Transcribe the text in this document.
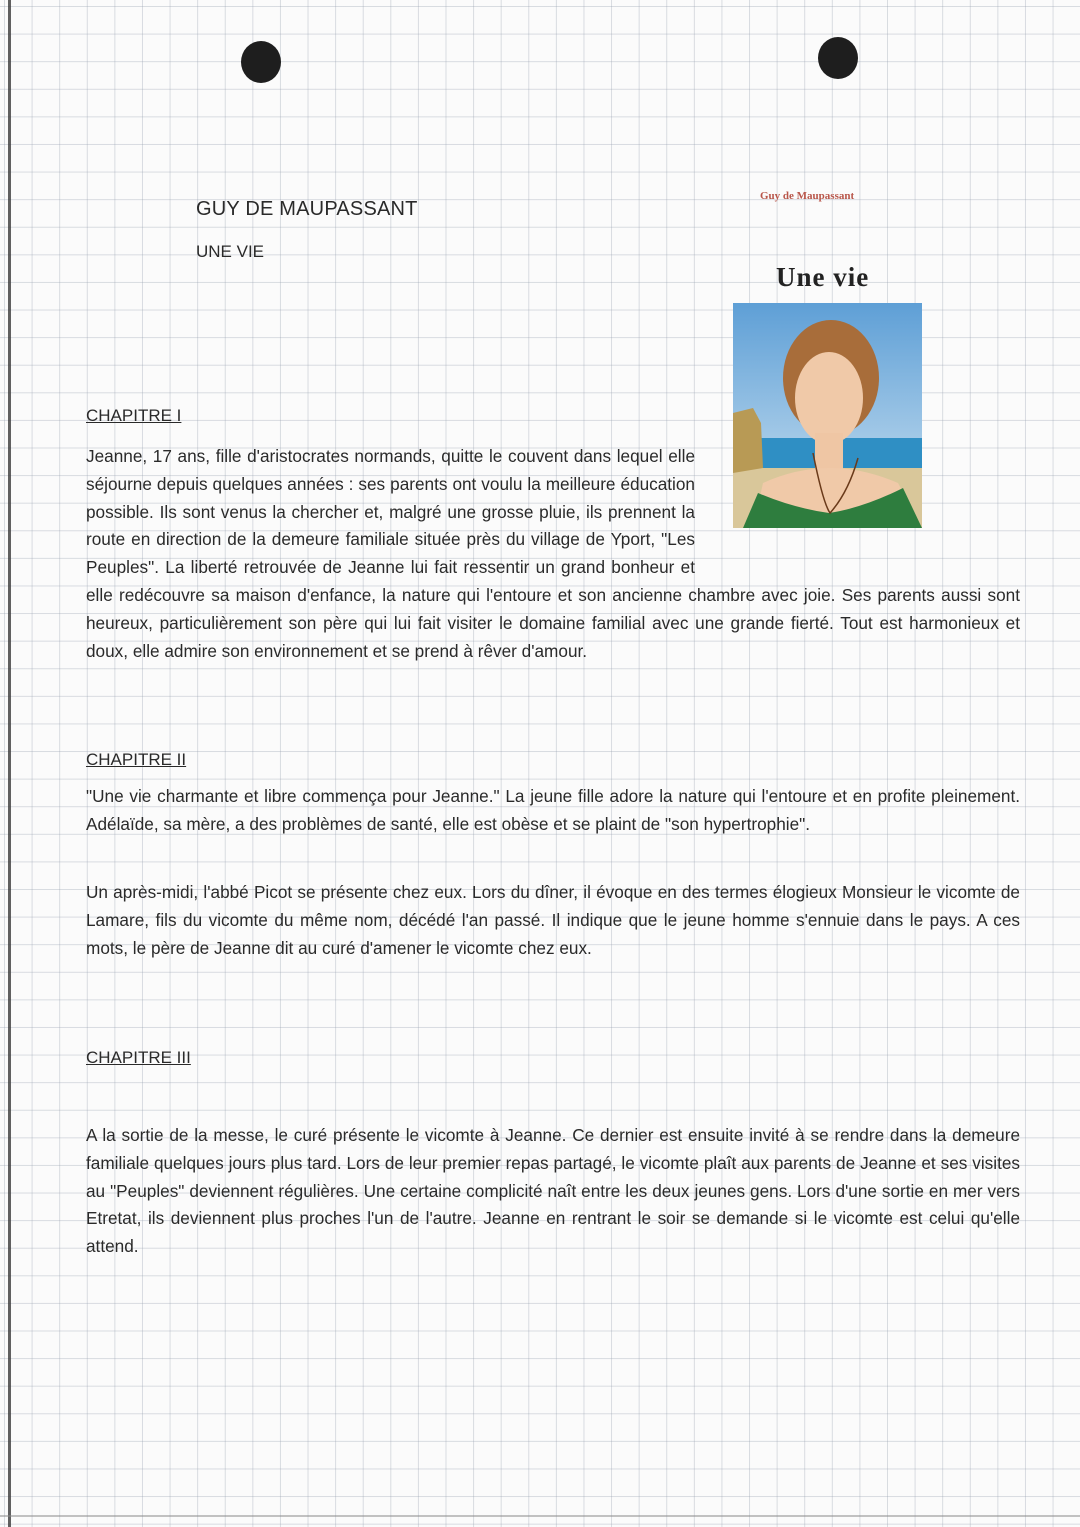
GUY DE MAUPASSANT
UNE VIE
Guy de Maupassant
Une vie
CHAPITRE I

Jeanne, 17 ans, fille d'aristocrates normands, quitte le couvent dans lequel elle séjourne depuis quelques années : ses parents ont voulu la meilleure éducation possible. Ils sont venus la chercher et, malgré une grosse pluie, ils prennent la route en direction de la demeure familiale située près du village de Yport, "Les Peuples". La liberté retrouvée de Jeanne lui fait ressentir un grand bonheur et elle redécouvre sa maison d'enfance, la nature qui l'entoure et son ancienne chambre avec joie. Ses parents aussi sont heureux, particulièrement son père qui lui fait visiter le domaine familial avec une grande fierté. Tout est harmonieux et doux, elle admire son environnement et se prend à rêver d'amour.

CHAPITRE II

"Une vie charmante et libre commença pour Jeanne." La jeune fille adore la nature qui l'entoure et en profite pleinement. Adélaïde, sa mère, a des problèmes de santé, elle est obèse et se plaint de "son hypertrophie".

Un après-midi, l'abbé Picot se présente chez eux. Lors du dîner, il évoque en des termes élogieux Monsieur le vicomte de Lamare, fils du vicomte du même nom, décédé l'an passé. Il indique que le jeune homme s'ennuie dans le pays. A ces mots, le père de Jeanne dit au curé d'amener le vicomte chez eux.

CHAPITRE III

A la sortie de la messe, le curé présente le vicomte à Jeanne. Ce dernier est ensuite invité à se rendre dans la demeure familiale quelques jours plus tard. Lors de leur premier repas partagé, le vicomte plaît aux parents de Jeanne et ses visites au "Peuples" deviennent régulières. Une certaine complicité naît entre les deux jeunes gens. Lors d'une sortie en mer vers Etretat, ils deviennent plus proches l'un de l'autre. Jeanne en rentrant le soir se demande si le vicomte est celui qu'elle attend.
